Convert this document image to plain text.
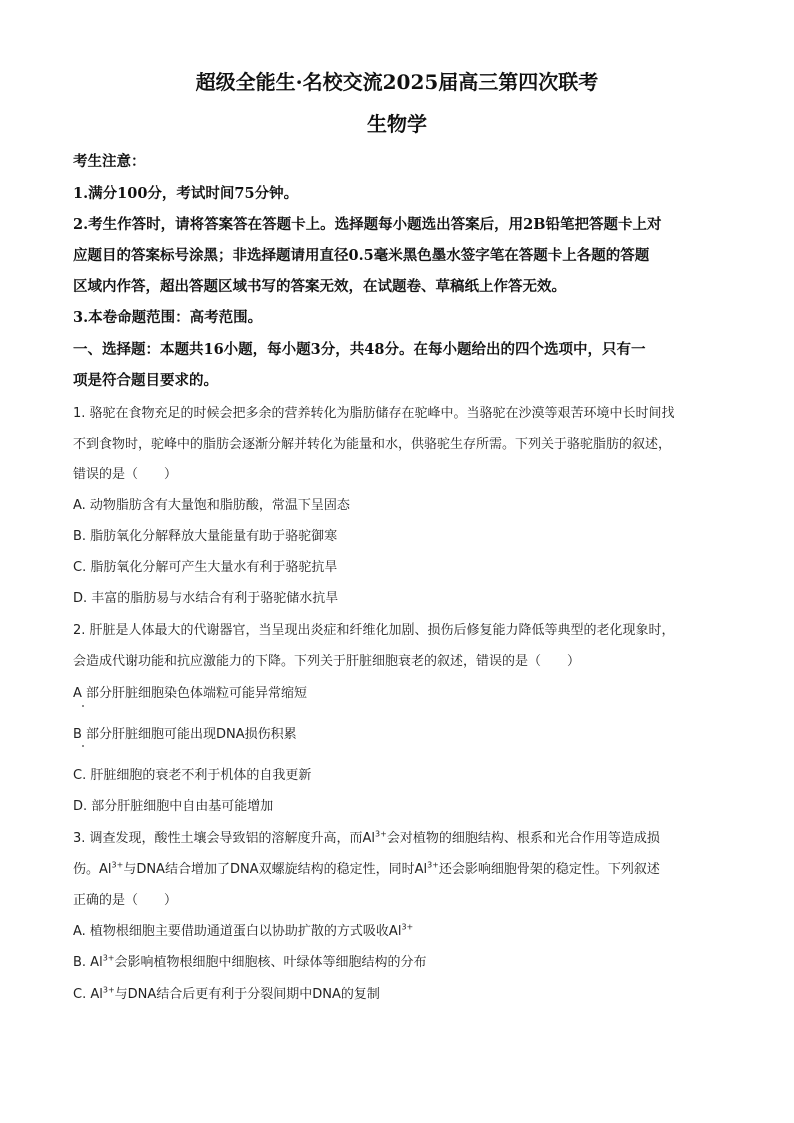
超级全能生·名校交流2025届高三第四次联考
生物学
考生注意：
1.满分100分，考试时间75分钟。
2.考生作答时，请将答案答在答题卡上。选择题每小题选出答案后，用2B铅笔把答题卡上对
应题目的答案标号涂黑；非选择题请用直径0.5毫米黑色墨水签字笔在答题卡上各题的答题
区域内作答，超出答题区域书写的答案无效，在试题卷、草稿纸上作答无效。
3.本卷命题范围：高考范围。
一、选择题：本题共16小题，每小题3分，共48分。在每小题给出的四个选项中，只有一
项是符合题目要求的。
1. 骆驼在食物充足的时候会把多余的营养转化为脂肪储存在驼峰中。当骆驼在沙漠等艰苦环境中长时间找
不到食物时，驼峰中的脂肪会逐渐分解并转化为能量和水，供骆驼生存所需。下列关于骆驼脂肪的叙述，
错误的是（　　）
A. 动物脂肪含有大量饱和脂肪酸，常温下呈固态
B. 脂肪氧化分解释放大量能量有助于骆驼御寒
C. 脂肪氧化分解可产生大量水有利于骆驼抗旱
D. 丰富的脂肪易与水结合有利于骆驼储水抗旱
2. 肝脏是人体最大的代谢器官，当呈现出炎症和纤维化加剧、损伤后修复能力降低等典型的老化现象时，
会造成代谢功能和抗应激能力的下降。下列关于肝脏细胞衰老的叙述，错误的是（　　）
A 部分肝脏细胞染色体端粒可能异常缩短
B 部分肝脏细胞可能出现DNA损伤积累
C. 肝脏细胞的衰老不利于机体的自我更新
D. 部分肝脏细胞中自由基可能增加
3. 调查发现，酸性土壤会导致铝的溶解度升高，而$Al^{3+}$会对植物的细胞结构、根系和光合作用等造成损
伤。$Al^{3+}$与DNA结合增加了DNA双螺旋结构的稳定性，同时$Al^{3+}$还会影响细胞骨架的稳定性。下列叙述
正确的是（　　）
A. 植物根细胞主要借助通道蛋白以协助扩散的方式吸收$Al^{3+}$
B. $Al^{3+}$会影响植物根细胞中细胞核、叶绿体等细胞结构的分布
C. $Al^{3+}$与DNA结合后更有利于分裂间期中DNA的复制
